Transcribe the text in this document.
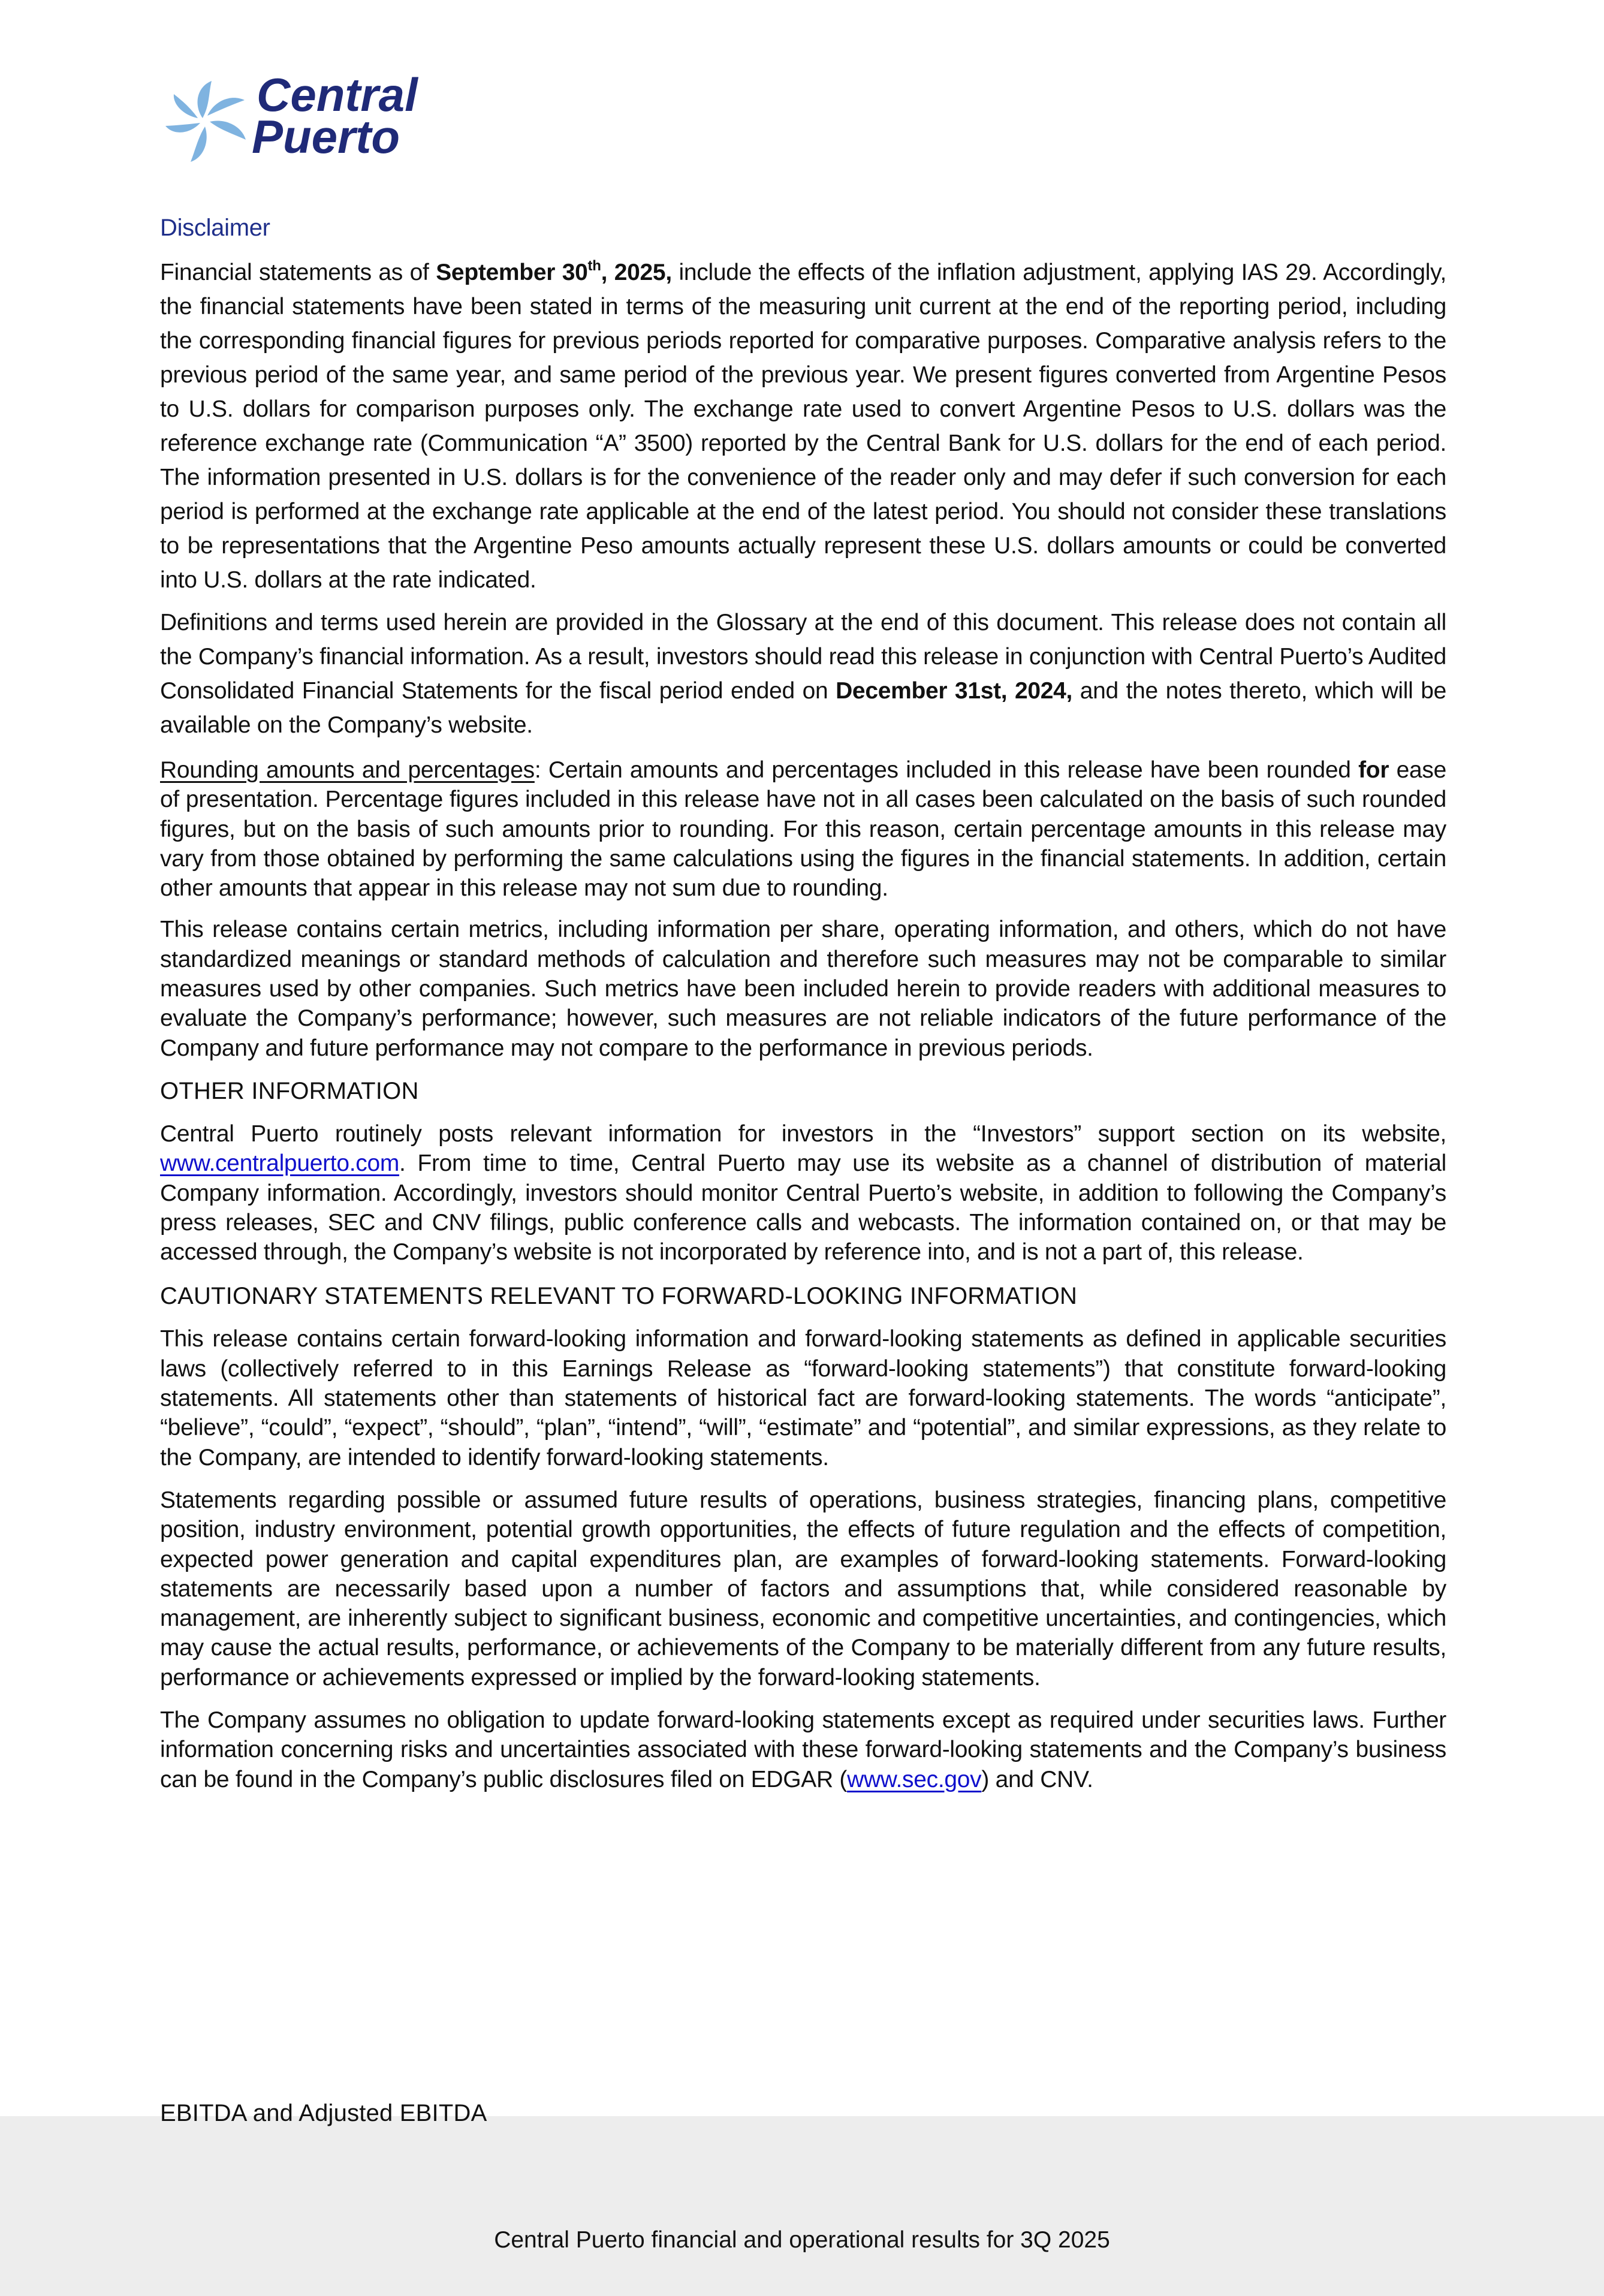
Central
Puerto
Disclaimer

Financial statements as of September 30th, 2025, include the effects of the inflation adjustment, applying IAS 29. Accordingly, the financial statements have been stated in terms of the measuring unit current at the end of the reporting period, including the corresponding financial figures for previous periods reported for comparative purposes. Comparative analysis refers to the previous period of the same year, and same period of the previous year. We present figures converted from Argentine Pesos to U.S. dollars for comparison purposes only. The exchange rate used to convert Argentine Pesos to U.S. dollars was the reference exchange rate (Communication “A” 3500) reported by the Central Bank for U.S. dollars for the end of each period. The information presented in U.S. dollars is for the convenience of the reader only and may defer if such conversion for each period is performed at the exchange rate applicable at the end of the latest period. You should not consider these translations to be representations that the Argentine Peso amounts actually represent these U.S. dollars amounts or could be converted into U.S. dollars at the rate indicated.

Definitions and terms used herein are provided in the Glossary at the end of this document. This release does not contain all the Company’s financial information. As a result, investors should read this release in conjunction with Central Puerto’s Audited Consolidated Financial Statements for the fiscal period ended on December 31st, 2024, and the notes thereto, which will be available on the Company’s website.

Rounding amounts and percentages: Certain amounts and percentages included in this release have been rounded for ease of presentation. Percentage figures included in this release have not in all cases been calculated on the basis of such rounded figures, but on the basis of such amounts prior to rounding. For this reason, certain percentage amounts in this release may vary from those obtained by performing the same calculations using the figures in the financial statements. In addition, certain other amounts that appear in this release may not sum due to rounding.

This release contains certain metrics, including information per share, operating information, and others, which do not have standardized meanings or standard methods of calculation and therefore such measures may not be comparable to similar measures used by other companies. Such metrics have been included herein to provide readers with additional measures to evaluate the Company’s performance; however, such measures are not reliable indicators of the future performance of the Company and future performance may not compare to the performance in previous periods.

OTHER INFORMATION

Central Puerto routinely posts relevant information for investors in the “Investors” support section on its website, www.centralpuerto.com. From time to time, Central Puerto may use its website as a channel of distribution of material Company information. Accordingly, investors should monitor Central Puerto’s website, in addition to following the Company’s press releases, SEC and CNV filings, public conference calls and webcasts. The information contained on, or that may be accessed through, the Company’s website is not incorporated by reference into, and is not a part of, this release.

CAUTIONARY STATEMENTS RELEVANT TO FORWARD-LOOKING INFORMATION

This release contains certain forward-looking information and forward-looking statements as defined in applicable securities laws (collectively referred to in this Earnings Release as “forward-looking statements”) that constitute forward-looking statements. All statements other than statements of historical fact are forward-looking statements. The words “anticipate”, “believe”, “could”, “expect”, “should”, “plan”, “intend”, “will”, “estimate” and “potential”, and similar expressions, as they relate to the Company, are intended to identify forward-looking statements.

Statements regarding possible or assumed future results of operations, business strategies, financing plans, competitive position, industry environment, potential growth opportunities, the effects of future regulation and the effects of competition, expected power generation and capital expenditures plan, are examples of forward-looking statements. Forward-looking statements are necessarily based upon a number of factors and assumptions that, while considered reasonable by management, are inherently subject to significant business, economic and competitive uncertainties, and contingencies, which may cause the actual results, performance, or achievements of the Company to be materially different from any future results, performance or achievements expressed or implied by the forward-looking statements.

The Company assumes no obligation to update forward-looking statements except as required under securities laws. Further information concerning risks and uncertainties associated with these forward-looking statements and the Company’s business can be found in the Company’s public disclosures filed on EDGAR (www.sec.gov) and CNV.

EBITDA and Adjusted EBITDA
Central Puerto financial and operational results for 3Q 2025
